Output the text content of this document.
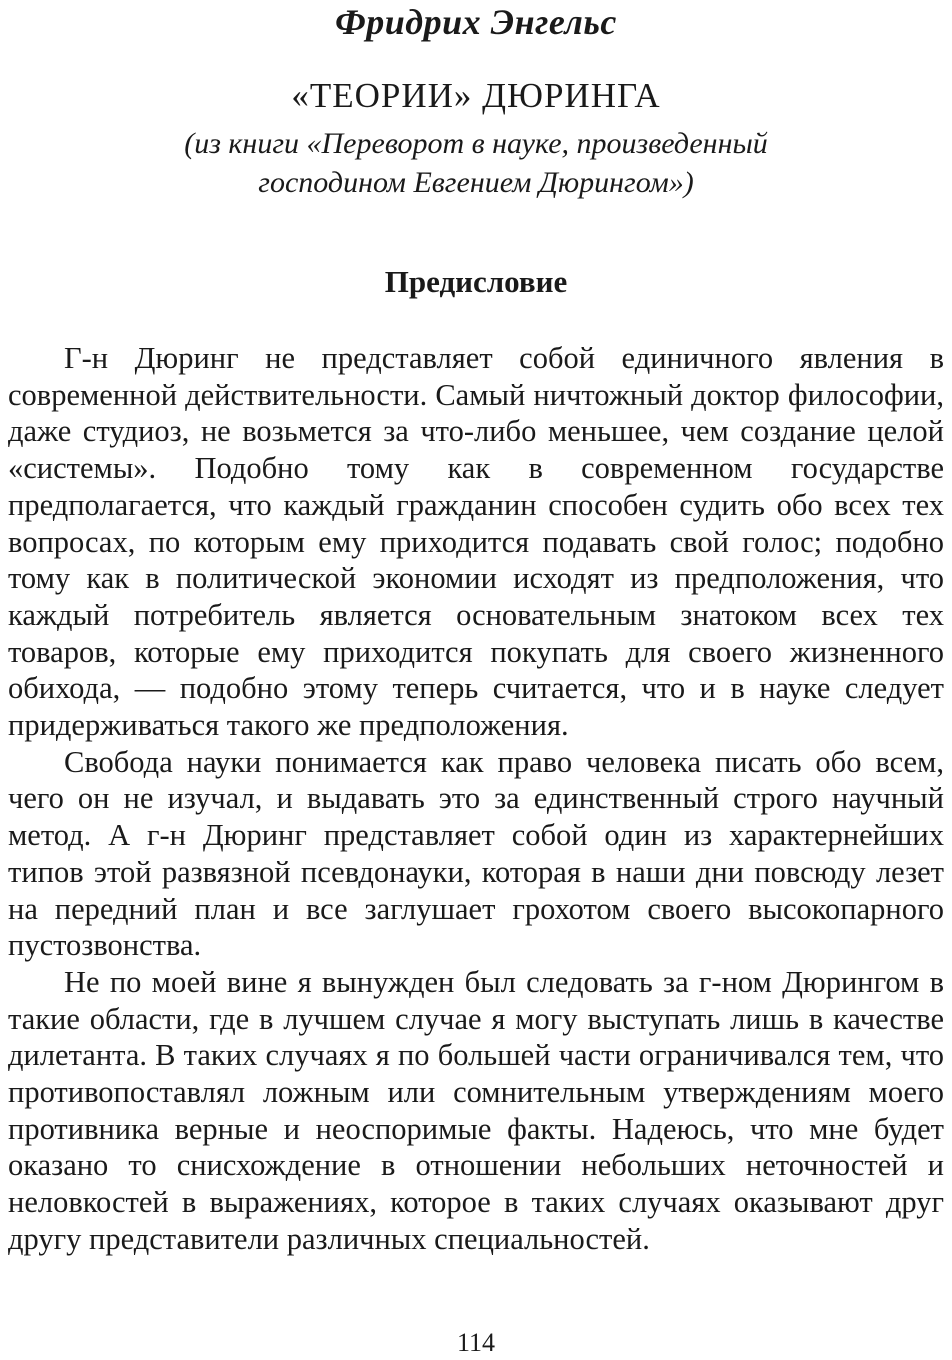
Фридрих Энгельс
«ТЕОРИИ» ДЮРИНГА
(из книги «Переворот в науке, произведенный
господином Евгением Дюрингом»)
Предисловие

Г-н Дюринг не представляет собой единичного явления в современной действительности. Самый ничтожный доктор философии, даже студиоз, не возьмется за что-либо меньшее, чем создание целой «системы». Подобно тому как в современном государстве предполагается, что каждый гражданин способен судить обо всех тех вопросах, по которым ему приходится подавать свой голос; подобно тому как в политической экономии исходят из предположения, что каждый потребитель является основательным знатоком всех тех товаров, которые ему приходится покупать для своего жизненного обихода, — подобно этому теперь считается, что и в науке следует придерживаться такого же предположения.

Свобода науки понимается как право человека писать обо всем, чего он не изучал, и выдавать это за единственный строго научный метод. А г-н Дюринг представляет собой один из характернейших типов этой развязной псевдонауки, которая в наши дни повсюду лезет на передний план и все заглушает грохотом своего высокопарного пустозвонства.

Не по моей вине я вынужден был следовать за г-ном Дюрингом в такие области, где в лучшем случае я могу выступать лишь в качестве дилетанта. В таких случаях я по большей части ограничивался тем, что противопоставлял ложным или сомнительным утверждениям моего противника верные и неоспоримые факты. Надеюсь, что мне будет оказано то снисхождение в отношении небольших неточностей и неловкостей в выражениях, которое в таких случаях оказывают друг другу представители различных специальностей.

114
